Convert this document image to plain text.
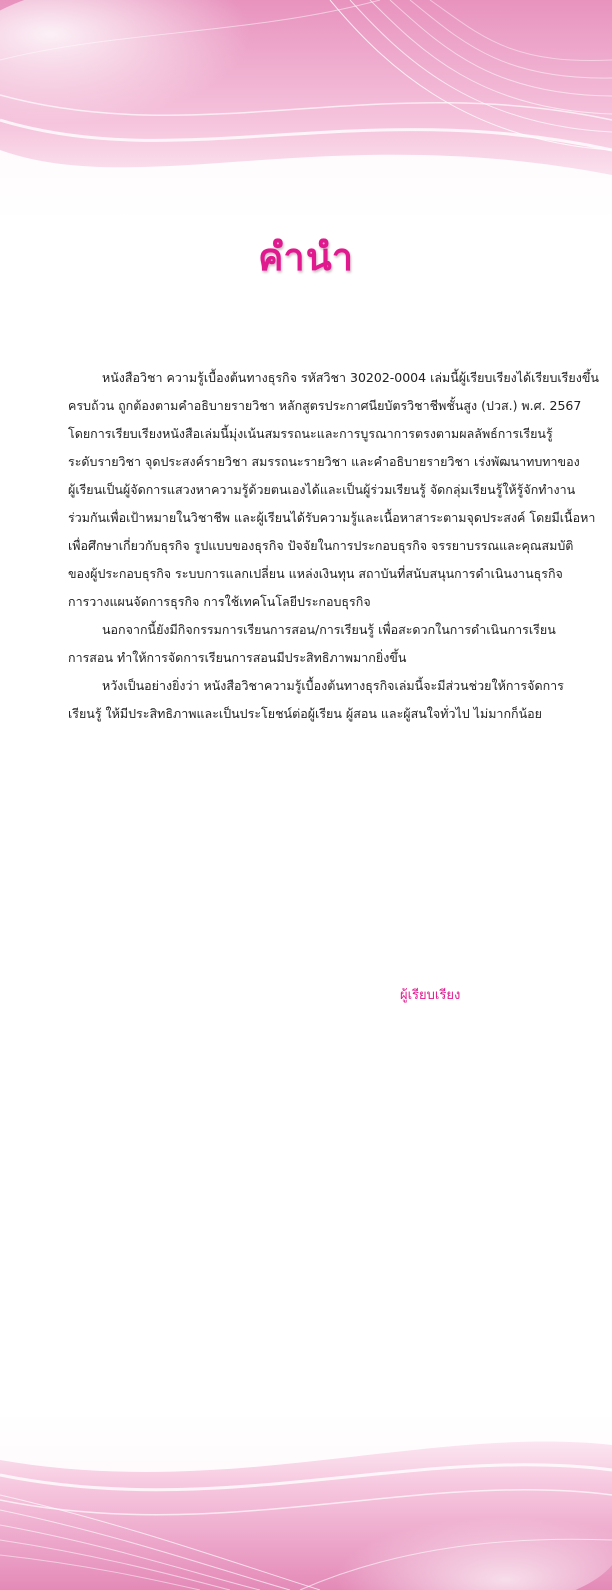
คำนำ
หนังสือวิชา ความรู้เบื้องต้นทางธุรกิจ รหัสวิชา 30202-0004 เล่มนี้ผู้เรียบเรียงได้เรียบเรียงขึ้น
ครบถ้วน ถูกต้องตามคำอธิบายรายวิชา หลักสูตรประกาศนียบัตรวิชาชีพชั้นสูง (ปวส.) พ.ศ. 2567
โดยการเรียบเรียงหนังสือเล่มนี้มุ่งเน้นสมรรถนะและการบูรณาการตรงตามผลลัพธ์การเรียนรู้
ระดับรายวิชา จุดประสงค์รายวิชา สมรรถนะรายวิชา และคำอธิบายรายวิชา เร่งพัฒนาทบทาของ
ผู้เรียนเป็นผู้จัดการแสวงหาความรู้ด้วยตนเองได้และเป็นผู้ร่วมเรียนรู้ จัดกลุ่มเรียนรู้ให้รู้จักทำงาน
ร่วมกันเพื่อเป้าหมายในวิชาชีพ และผู้เรียนได้รับความรู้และเนื้อหาสาระตามจุดประสงค์ โดยมีเนื้อหา
เพื่อศึกษาเกี่ยวกับธุรกิจ รูปแบบของธุรกิจ ปัจจัยในการประกอบธุรกิจ จรรยาบรรณและคุณสมบัติ
ของผู้ประกอบธุรกิจ ระบบการแลกเปลี่ยน แหล่งเงินทุน สถาบันที่สนับสนุนการดำเนินงานธุรกิจ
การวางแผนจัดการธุรกิจ การใช้เทคโนโลยีประกอบธุรกิจ
นอกจากนี้ยังมีกิจกรรมการเรียนการสอน/การเรียนรู้ เพื่อสะดวกในการดำเนินการเรียน
การสอน ทำให้การจัดการเรียนการสอนมีประสิทธิภาพมากยิ่งขึ้น
หวังเป็นอย่างยิ่งว่า หนังสือวิชาความรู้เบื้องต้นทางธุรกิจเล่มนี้จะมีส่วนช่วยให้การจัดการ
เรียนรู้ ให้มีประสิทธิภาพและเป็นประโยชน์ต่อผู้เรียน ผู้สอน และผู้สนใจทั่วไป ไม่มากก็น้อย
ผู้เรียบเรียง
